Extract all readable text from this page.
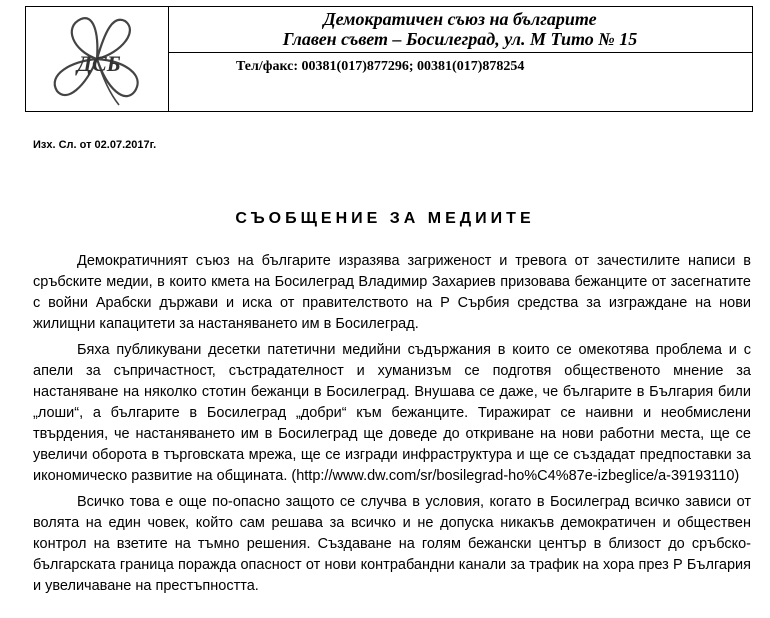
ДСБ
Демократичен съюз на българите
Главен съвет – Босилеград, ул. М Тито № 15
Тел/факс: 00381(017)877296; 00381(017)878254
Изх. Сл. от 02.07.2017г.
СЪОБЩЕНИЕ ЗА МЕДИИТЕ

Демократичният съюз на българите изразява загриженост и тревога от зачестилите написи в сръбските медии, в които кмета на Босилеград Владимир Захариев призовава бежанците от засегнатите с войни Арабски държави и иска от правителството на Р Сърбия средства за изграждане на нови жилищни капацитети за настаняването им в Босилеград.

Бяха публикувани десетки патетични медийни съдържания в които се омекотява проблема и с апели за съпричастност, състрадателност и хуманизъм се подготвя общественото мнение за настаняване на няколко стотин бежанци в Босилеград. Внушава се даже, че българите в България били „лоши“, а българите в Босилеград „добри“ към бежанците. Тиражират се наивни и необмислени твърдения, че настаняването им в Босилеград ще доведе до откриване на нови работни места, ще се увеличи оборота в търговската мрежа, ще се изгради инфраструктура и ще се създадат предпоставки за икономическо развитие на общината. (http://www.dw.com/sr/bosilegrad-ho%C4%87e-izbeglice/a-39193110)

Всичко това е още по-опасно защото се случва в условия, когато в Босилеград всичко зависи от волята на един човек, който сам решава за всичко и не допуска никакъв демократичен и обществен контрол на взетите на тъмно решения. Създаване на голям бежански център в близост до сръбско-българската граница поражда опасност от нови контрабандни канали за трафик на хора през Р България и увеличаване на престъпността.
